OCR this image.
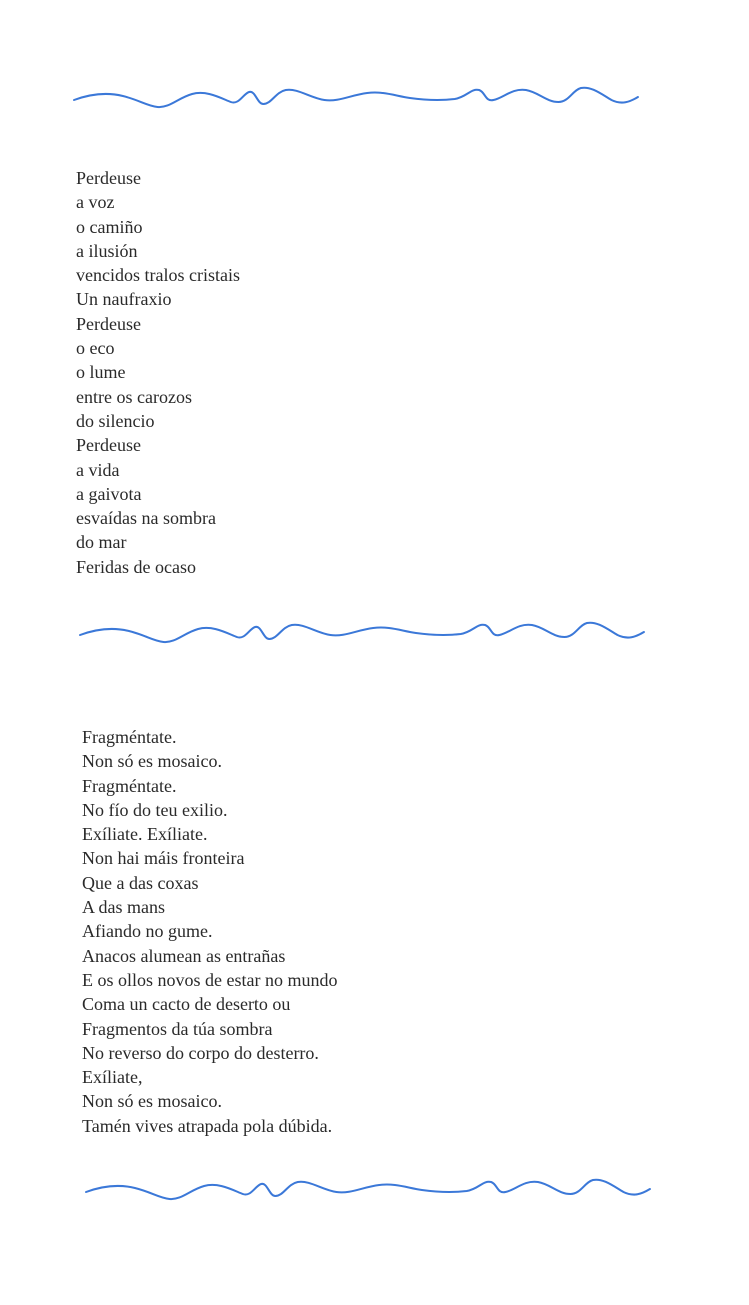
Perdeuse
a voz
o camiño
a ilusión
vencidos tralos cristais
Un naufraxio
Perdeuse
o eco
o lume
entre os carozos
do silencio
Perdeuse
a vida
a gaivota
esvaídas na sombra
do mar
Feridas de ocaso
Fragméntate.
Non só es mosaico.
Fragméntate.
No fío do teu exilio.
Exíliate. Exíliate.
Non hai máis fronteira
Que a das coxas
A das mans
Afiando no gume.
Anacos alumean as entrañas
E os ollos novos de estar no mundo
Coma un cacto de deserto ou
Fragmentos da túa sombra
No reverso do corpo do desterro.
Exíliate,
Non só es mosaico.
Tamén vives atrapada pola dúbida.
